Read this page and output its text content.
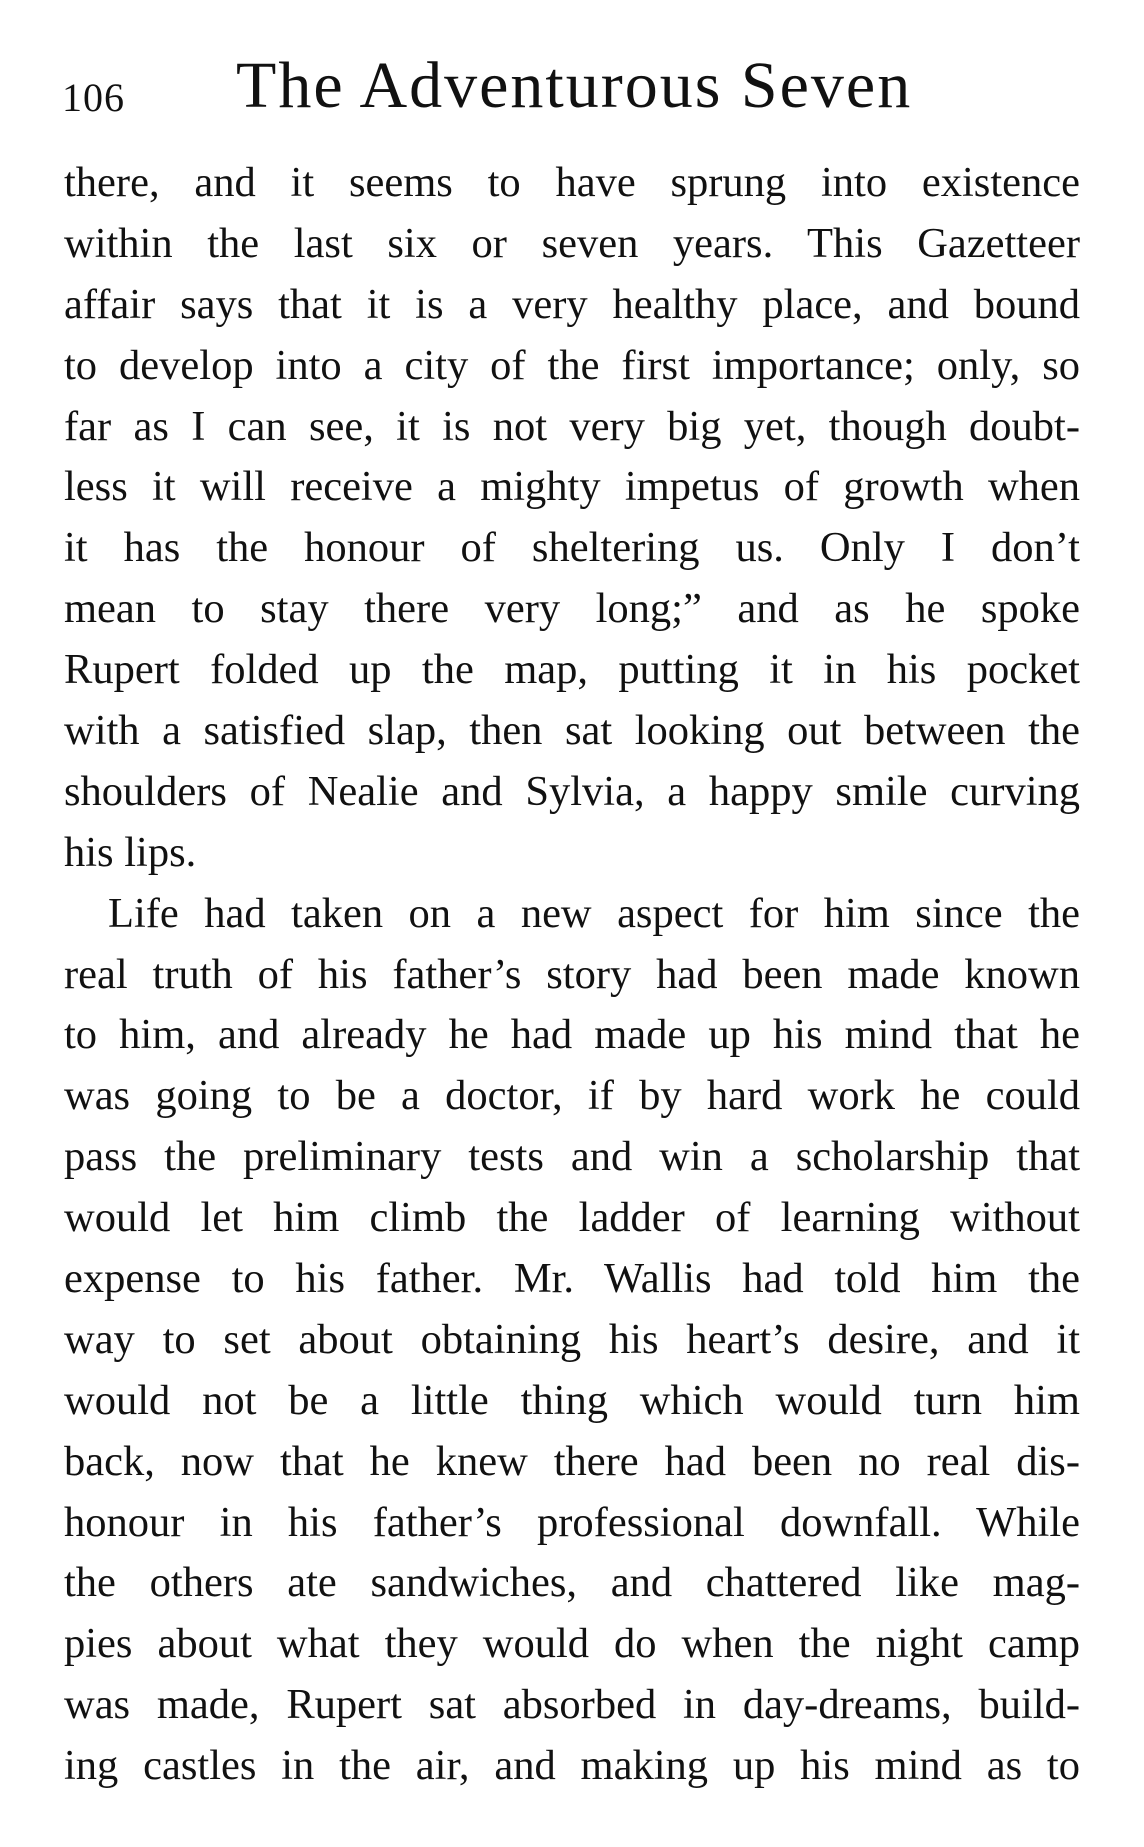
106 The Adventurous Seven
there, and it seems to have sprung into existence
within the last six or seven years. This Gazetteer
affair says that it is a very healthy place, and bound
to develop into a city of the first importance; only, so
far as I can see, it is not very big yet, though doubt-
less it will receive a mighty impetus of growth when
it has the honour of sheltering us. Only I don’t
mean to stay there very long;” and as he spoke
Rupert folded up the map, putting it in his pocket
with a satisfied slap, then sat looking out between the
shoulders of Nealie and Sylvia, a happy smile curving
his lips.
Life had taken on a new aspect for him since the
real truth of his father’s story had been made known
to him, and already he had made up his mind that he
was going to be a doctor, if by hard work he could
pass the preliminary tests and win a scholarship that
would let him climb the ladder of learning without
expense to his father. Mr. Wallis had told him the
way to set about obtaining his heart’s desire, and it
would not be a little thing which would turn him
back, now that he knew there had been no real dis-
honour in his father’s professional downfall. While
the others ate sandwiches, and chattered like mag-
pies about what they would do when the night camp
was made, Rupert sat absorbed in day-dreams, build-
ing castles in the air, and making up his mind as to
